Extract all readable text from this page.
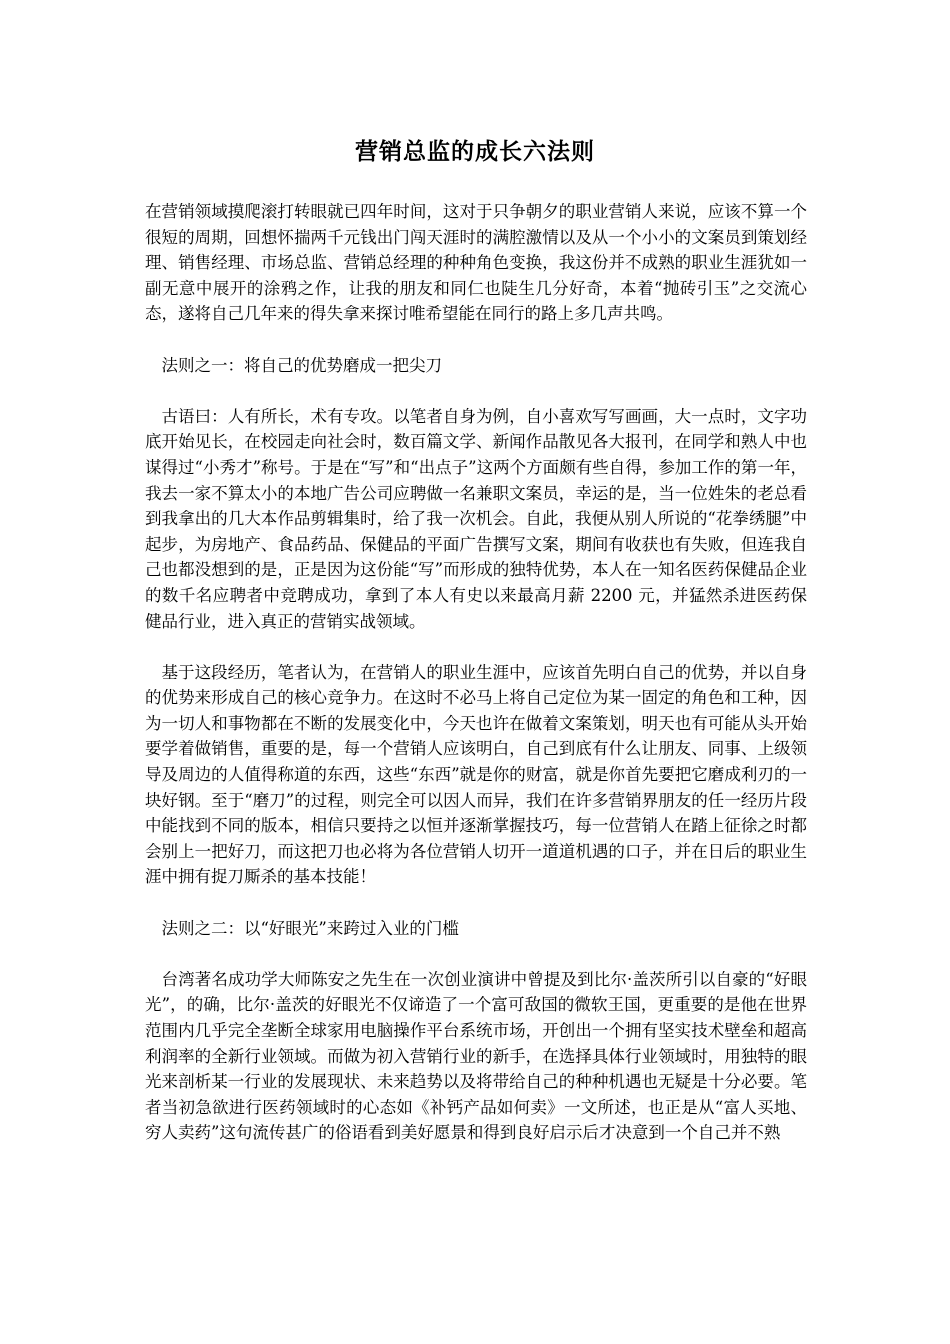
营销总监的成长六法则

在营销领域摸爬滚打转眼就已四年时间，这对于只争朝夕的职业营销人来说，应该不算一个很短的周期，回想怀揣两千元钱出门闯天涯时的满腔激情以及从一个小小的文案员到策划经理、销售经理、市场总监、营销总经理的种种角色变换，我这份并不成熟的职业生涯犹如一副无意中展开的涂鸦之作，让我的朋友和同仁也陡生几分好奇，本着“抛砖引玉”之交流心态，遂将自己几年来的得失拿来探讨唯希望能在同行的路上多几声共鸣。

法则之一：将自己的优势磨成一把尖刀

古语曰：人有所长，术有专攻。以笔者自身为例，自小喜欢写写画画，大一点时，文字功底开始见长，在校园走向社会时，数百篇文学、新闻作品散见各大报刊，在同学和熟人中也谋得过“小秀才”称号。于是在“写”和“出点子”这两个方面颇有些自得，参加工作的第一年，我去一家不算太小的本地广告公司应聘做一名兼职文案员，幸运的是，当一位姓朱的老总看到我拿出的几大本作品剪辑集时，给了我一次机会。自此，我便从别人所说的“花拳绣腿”中起步，为房地产、食品药品、保健品的平面广告撰写文案，期间有收获也有失败，但连我自己也都没想到的是，正是因为这份能“写”而形成的独特优势，本人在一知名医药保健品企业的数千名应聘者中竞聘成功，拿到了本人有史以来最高月薪 2200 元，并猛然杀进医药保健品行业，进入真正的营销实战领域。

基于这段经历，笔者认为，在营销人的职业生涯中，应该首先明白自己的优势，并以自身的优势来形成自己的核心竞争力。在这时不必马上将自己定位为某一固定的角色和工种，因为一切人和事物都在不断的发展变化中，今天也许在做着文案策划，明天也有可能从头开始要学着做销售，重要的是，每一个营销人应该明白，自己到底有什么让朋友、同事、上级领导及周边的人值得称道的东西，这些“东西”就是你的财富，就是你首先要把它磨成利刃的一块好钢。至于“磨刀”的过程，则完全可以因人而异，我们在许多营销界朋友的任一经历片段中能找到不同的版本，相信只要持之以恒并逐渐掌握技巧，每一位营销人在踏上征徐之时都会别上一把好刀，而这把刀也必将为各位营销人切开一道道机遇的口子，并在日后的职业生涯中拥有捉刀厮杀的基本技能！

法则之二：以“好眼光”来跨过入业的门槛

台湾著名成功学大师陈安之先生在一次创业演讲中曾提及到比尔·盖茨所引以自豪的“好眼光”，的确，比尔·盖茨的好眼光不仅谛造了一个富可敌国的微软王国，更重要的是他在世界范围内几乎完全垄断全球家用电脑操作平台系统市场，开创出一个拥有坚实技术壁垒和超高利润率的全新行业领域。而做为初入营销行业的新手，在选择具体行业领域时，用独特的眼光来剖析某一行业的发展现状、未来趋势以及将带给自己的种种机遇也无疑是十分必要。笔者当初急欲进行医药领域时的心态如《补钙产品如何卖》一文所述，也正是从“富人买地、穷人卖药”这句流传甚广的俗语看到美好愿景和得到良好启示后才决意到一个自己并不熟
